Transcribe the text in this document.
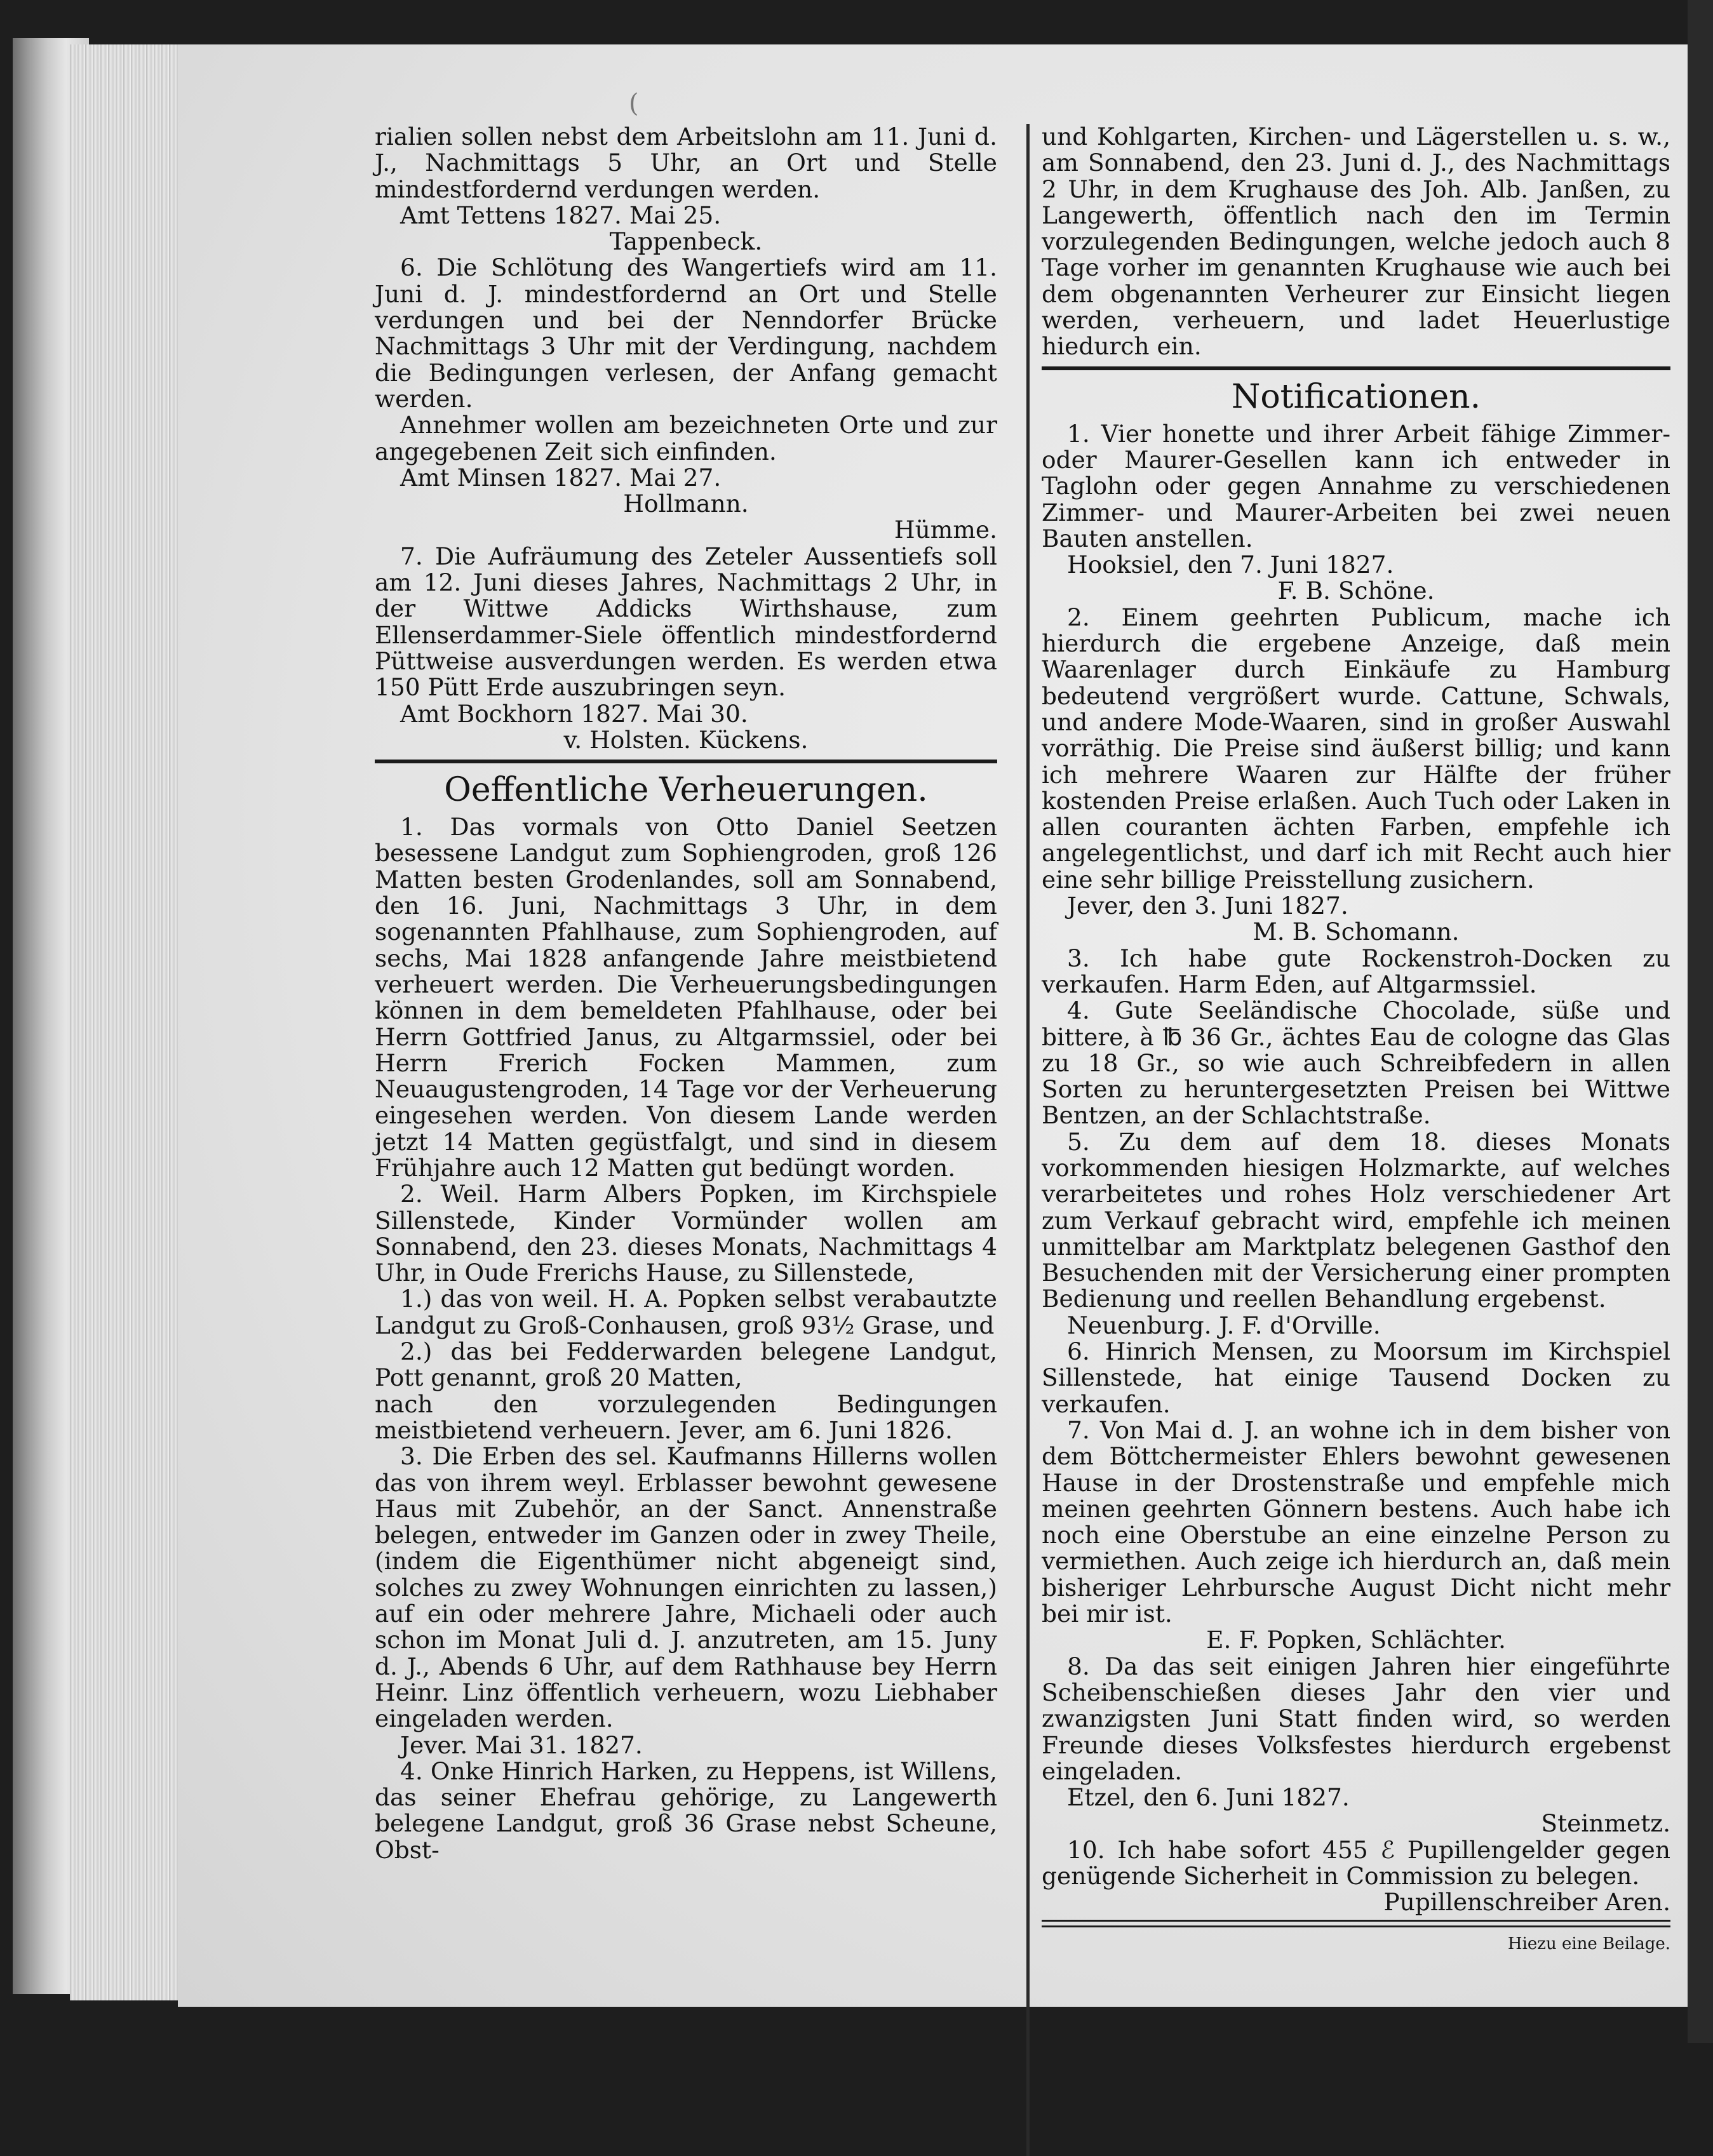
(

rialien sollen nebst dem Arbeitslohn am 11. Juni d. J., Nachmittags 5 Uhr, an Ort und Stelle mindestfordernd verdungen werden.

Amt Tettens 1827. Mai 25.

Tappenbeck.

6. Die Schlötung des Wangertiefs wird am 11. Juni d. J. mindestfordernd an Ort und Stelle verdungen und bei der Nenndorfer Brücke Nachmittags 3 Uhr mit der Verdingung, nachdem die Bedingungen verlesen, der Anfang gemacht werden.

Annehmer wollen am bezeichneten Orte und zur angegebenen Zeit sich einfinden.

Amt Minsen 1827. Mai 27.

Hollmann.

Hümme.

7. Die Aufräumung des Zeteler Aussentiefs soll am 12. Juni dieses Jahres, Nachmittags 2 Uhr, in der Wittwe Addicks Wirthshause, zum Ellenserdammer-Siele öffentlich mindestfordernd Püttweise ausverdungen werden. Es werden etwa 150 Pütt Erde auszubringen seyn.

Amt Bockhorn 1827. Mai 30.

v. Holsten. Kückens.

Oeffentliche Verheuerungen.

1. Das vormals von Otto Daniel Seetzen besessene Landgut zum Sophiengroden, groß 126 Matten besten Grodenlandes, soll am Sonnabend, den 16. Juni, Nachmittags 3 Uhr, in dem sogenannten Pfahlhause, zum Sophiengroden, auf sechs, Mai 1828 anfangende Jahre meistbietend verheuert werden. Die Verheuerungsbedingungen können in dem bemeldeten Pfahlhause, oder bei Herrn Gottfried Janus, zu Altgarmssiel, oder bei Herrn Frerich Focken Mammen, zum Neuaugustengroden, 14 Tage vor der Verheuerung eingesehen werden. Von diesem Lande werden jetzt 14 Matten gegüstfalgt, und sind in diesem Frühjahre auch 12 Matten gut bedüngt worden.

2. Weil. Harm Albers Popken, im Kirchspiele Sillenstede, Kinder Vormünder wollen am Sonnabend, den 23. dieses Monats, Nachmittags 4 Uhr, in Oude Frerichs Hause, zu Sillenstede,

1.) das von weil. H. A. Popken selbst verabautzte Landgut zu Groß-Conhausen, groß 93½ Grase, und

2.) das bei Fedderwarden belegene Landgut, Pott genannt, groß 20 Matten,

nach den vorzulegenden Bedingungen meistbietend verheuern. Jever, am 6. Juni 1826.

3. Die Erben des sel. Kaufmanns Hillerns wollen das von ihrem weyl. Erblasser bewohnt gewesene Haus mit Zubehör, an der Sanct. Annenstraße belegen, entweder im Ganzen oder in zwey Theile, (indem die Eigenthümer nicht abgeneigt sind, solches zu zwey Wohnungen einrichten zu lassen,) auf ein oder mehrere Jahre, Michaeli oder auch schon im Monat Juli d. J. anzutreten, am 15. Juny d. J., Abends 6 Uhr, auf dem Rathhause bey Herrn Heinr. Linz öffentlich verheuern, wozu Liebhaber eingeladen werden.

Jever. Mai 31. 1827.

4. Onke Hinrich Harken, zu Heppens, ist Willens, das seiner Ehefrau gehörige, zu Langewerth belegene Landgut, groß 36 Grase nebst Scheune, Obst-

und Kohlgarten, Kirchen- und Lägerstellen u. s. w., am Sonnabend, den 23. Juni d. J., des Nachmittags 2 Uhr, in dem Krughause des Joh. Alb. Janßen, zu Langewerth, öffentlich nach den im Termin vorzulegenden Bedingungen, welche jedoch auch 8 Tage vorher im genannten Krughause wie auch bei dem obgenannten Verheurer zur Einsicht liegen werden, verheuern, und ladet Heuerlustige hiedurch ein.

Notificationen.

1. Vier honette und ihrer Arbeit fähige Zimmer- oder Maurer-Gesellen kann ich entweder in Taglohn oder gegen Annahme zu verschiedenen Zimmer- und Maurer-Arbeiten bei zwei neuen Bauten anstellen.

Hooksiel, den 7. Juni 1827.

F. B. Schöne.

2. Einem geehrten Publicum, mache ich hierdurch die ergebene Anzeige, daß mein Waarenlager durch Einkäufe zu Hamburg bedeutend vergrößert wurde. Cattune, Schwals, und andere Mode-Waaren, sind in großer Auswahl vorräthig. Die Preise sind äußerst billig; und kann ich mehrere Waaren zur Hälfte der früher kostenden Preise erlaßen. Auch Tuch oder Laken in allen couranten ächten Farben, empfehle ich angelegentlichst, und darf ich mit Recht auch hier eine sehr billige Preisstellung zusichern.

Jever, den 3. Juni 1827.

M. B. Schomann.

3. Ich habe gute Rockenstroh-Docken zu verkaufen. Harm Eden, auf Altgarmssiel.

4. Gute Seeländische Chocolade, süße und bittere, à ℔ 36 Gr., ächtes Eau de cologne das Glas zu 18 Gr., so wie auch Schreibfedern in allen Sorten zu heruntergesetzten Preisen bei Wittwe Bentzen, an der Schlachtstraße.

5. Zu dem auf dem 18. dieses Monats vorkommenden hiesigen Holzmarkte, auf welches verarbeitetes und rohes Holz verschiedener Art zum Verkauf gebracht wird, empfehle ich meinen unmittelbar am Marktplatz belegenen Gasthof den Besuchenden mit der Versicherung einer prompten Bedienung und reellen Behandlung ergebenst.

Neuenburg. J. F. d'Orville.

6. Hinrich Mensen, zu Moorsum im Kirchspiel Sillenstede, hat einige Tausend Docken zu verkaufen.

7. Von Mai d. J. an wohne ich in dem bisher von dem Böttchermeister Ehlers bewohnt gewesenen Hause in der Drostenstraße und empfehle mich meinen geehrten Gönnern bestens. Auch habe ich noch eine Oberstube an eine einzelne Person zu vermiethen. Auch zeige ich hierdurch an, daß mein bisheriger Lehrbursche August Dicht nicht mehr bei mir ist.

E. F. Popken, Schlächter.

8. Da das seit einigen Jahren hier eingeführte Scheibenschießen dieses Jahr den vier und zwanzigsten Juni Statt finden wird, so werden Freunde dieses Volksfestes hierdurch ergebenst eingeladen.

Etzel, den 6. Juni 1827.

Steinmetz.

10. Ich habe sofort 455 ℰ Pupillengelder gegen genügende Sicherheit in Commission zu belegen.

Pupillenschreiber Aren.

Hiezu eine Beilage.
